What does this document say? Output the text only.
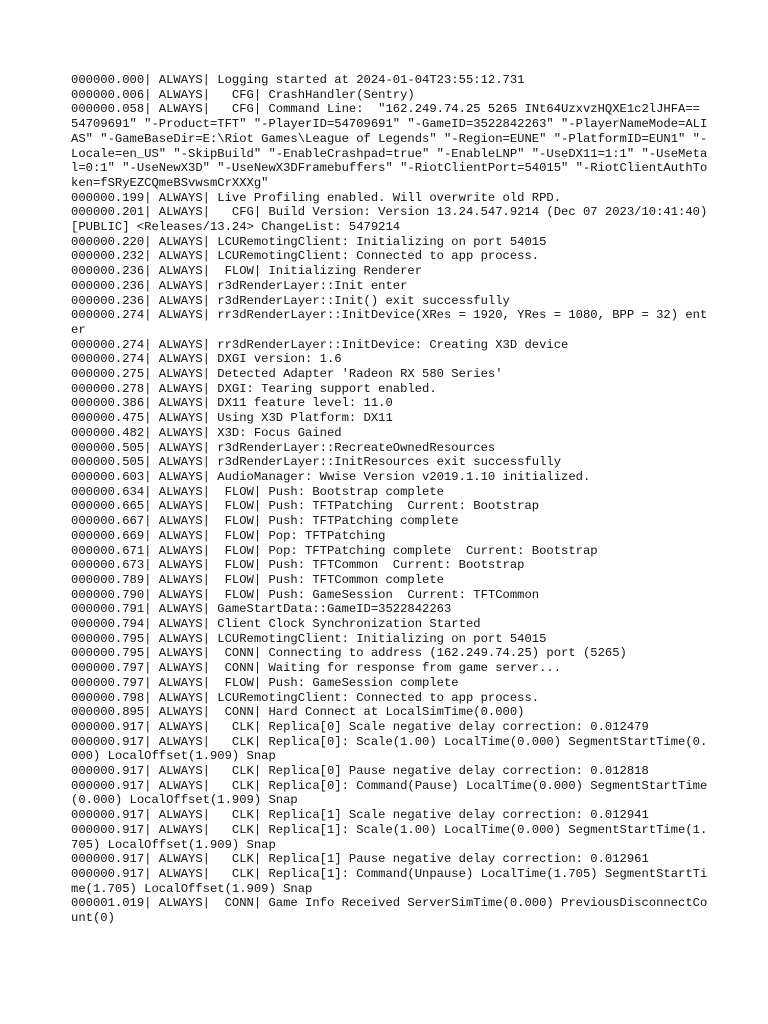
000000.000| ALWAYS| Logging started at 2024-01-04T23:55:12.731
000000.006| ALWAYS|   CFG| CrashHandler(Sentry)
000000.058| ALWAYS|   CFG| Command Line:  "162.249.74.25 5265 INt64UzxvzHQXE1c2lJHFA== 54709691" "-Product=TFT" "-PlayerID=54709691" "-GameID=3522842263" "-PlayerNameMode=ALIAS" "-GameBaseDir=E:\Riot Games\League of Legends" "-Region=EUNE" "-PlatformID=EUN1" "-Locale=en_US" "-SkipBuild" "-EnableCrashpad=true" "-EnableLNP" "-UseDX11=1:1" "-UseMetal=0:1" "-UseNewX3D" "-UseNewX3DFramebuffers" "-RiotClientPort=54015" "-RiotClientAuthToken=fSRyEZCQmeBSvwsmCrXXXg"
000000.199| ALWAYS| Live Profiling enabled. Will overwrite old RPD.
000000.201| ALWAYS|   CFG| Build Version: Version 13.24.547.9214 (Dec 07 2023/10:41:40) [PUBLIC] <Releases/13.24> ChangeList: 5479214
000000.220| ALWAYS| LCURemotingClient: Initializing on port 54015
000000.232| ALWAYS| LCURemotingClient: Connected to app process.
000000.236| ALWAYS|  FLOW| Initializing Renderer
000000.236| ALWAYS| r3dRenderLayer::Init enter
000000.236| ALWAYS| r3dRenderLayer::Init() exit successfully
000000.274| ALWAYS| rr3dRenderLayer::InitDevice(XRes = 1920, YRes = 1080, BPP = 32) enter
000000.274| ALWAYS| rr3dRenderLayer::InitDevice: Creating X3D device
000000.274| ALWAYS| DXGI version: 1.6
000000.275| ALWAYS| Detected Adapter 'Radeon RX 580 Series'
000000.278| ALWAYS| DXGI: Tearing support enabled.
000000.386| ALWAYS| DX11 feature level: 11.0
000000.475| ALWAYS| Using X3D Platform: DX11
000000.482| ALWAYS| X3D: Focus Gained
000000.505| ALWAYS| r3dRenderLayer::RecreateOwnedResources
000000.505| ALWAYS| r3dRenderLayer::InitResources exit successfully
000000.603| ALWAYS| AudioManager: Wwise Version v2019.1.10 initialized.
000000.634| ALWAYS|  FLOW| Push: Bootstrap complete
000000.665| ALWAYS|  FLOW| Push: TFTPatching  Current: Bootstrap
000000.667| ALWAYS|  FLOW| Push: TFTPatching complete
000000.669| ALWAYS|  FLOW| Pop: TFTPatching
000000.671| ALWAYS|  FLOW| Pop: TFTPatching complete  Current: Bootstrap
000000.673| ALWAYS|  FLOW| Push: TFTCommon  Current: Bootstrap
000000.789| ALWAYS|  FLOW| Push: TFTCommon complete
000000.790| ALWAYS|  FLOW| Push: GameSession  Current: TFTCommon
000000.791| ALWAYS| GameStartData::GameID=3522842263
000000.794| ALWAYS| Client Clock Synchronization Started
000000.795| ALWAYS| LCURemotingClient: Initializing on port 54015
000000.795| ALWAYS|  CONN| Connecting to address (162.249.74.25) port (5265)
000000.797| ALWAYS|  CONN| Waiting for response from game server...
000000.797| ALWAYS|  FLOW| Push: GameSession complete
000000.798| ALWAYS| LCURemotingClient: Connected to app process.
000000.895| ALWAYS|  CONN| Hard Connect at LocalSimTime(0.000)
000000.917| ALWAYS|   CLK| Replica[0] Scale negative delay correction: 0.012479
000000.917| ALWAYS|   CLK| Replica[0]: Scale(1.00) LocalTime(0.000) SegmentStartTime(0.000) LocalOffset(1.909) Snap
000000.917| ALWAYS|   CLK| Replica[0] Pause negative delay correction: 0.012818
000000.917| ALWAYS|   CLK| Replica[0]: Command(Pause) LocalTime(0.000) SegmentStartTime(0.000) LocalOffset(1.909) Snap
000000.917| ALWAYS|   CLK| Replica[1] Scale negative delay correction: 0.012941
000000.917| ALWAYS|   CLK| Replica[1]: Scale(1.00) LocalTime(0.000) SegmentStartTime(1.705) LocalOffset(1.909) Snap
000000.917| ALWAYS|   CLK| Replica[1] Pause negative delay correction: 0.012961
000000.917| ALWAYS|   CLK| Replica[1]: Command(Unpause) LocalTime(1.705) SegmentStartTime(1.705) LocalOffset(1.909) Snap
000001.019| ALWAYS|  CONN| Game Info Received ServerSimTime(0.000) PreviousDisconnectCount(0)
